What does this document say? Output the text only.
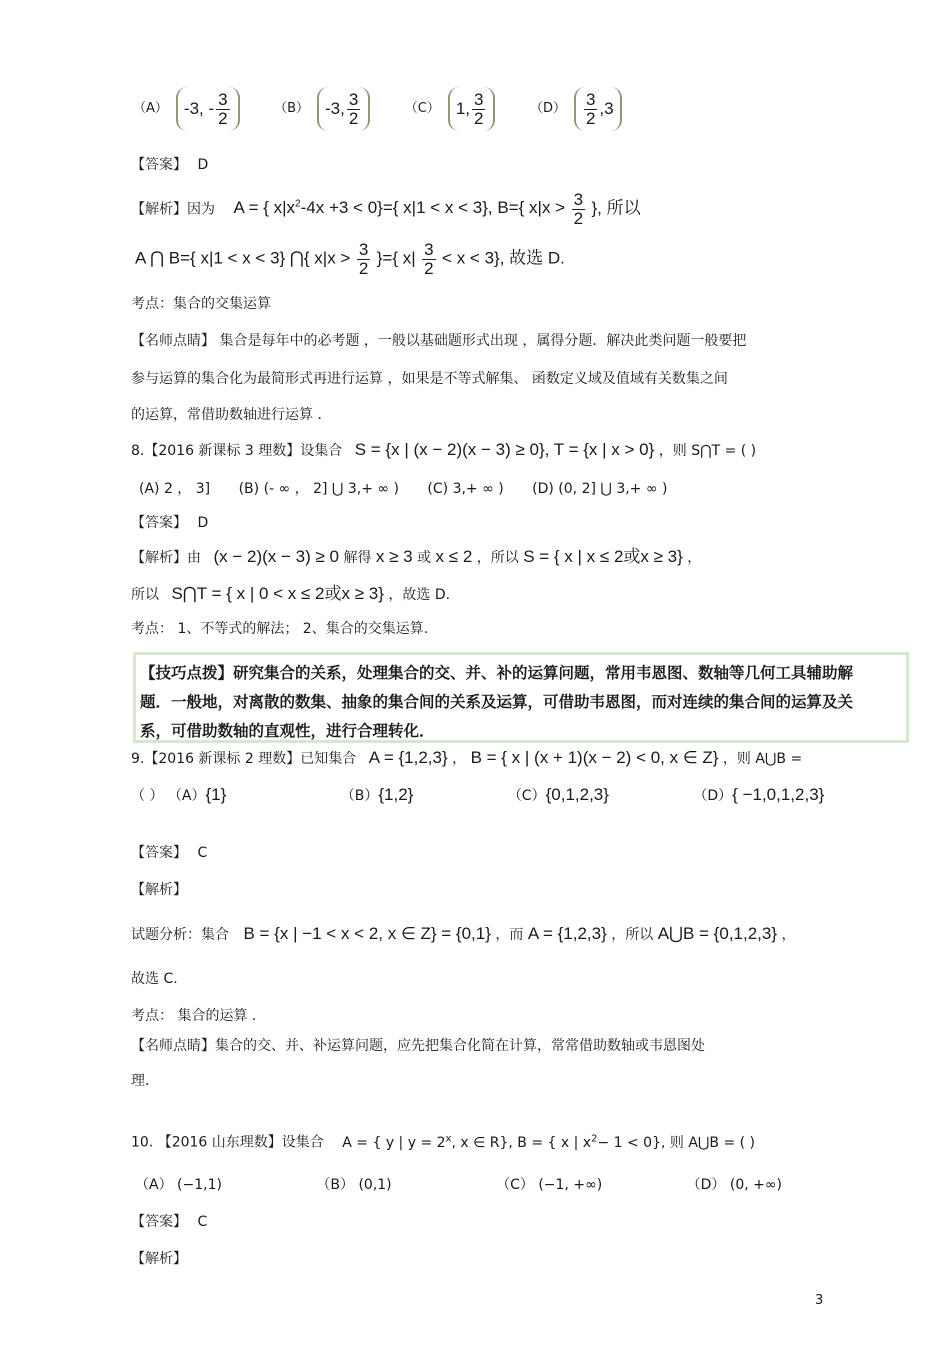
（A） -3, - $\frac{3}{2}$
	（B） -3, $\frac{3}{2}$
	（C） 1, $\frac{3}{2}$
	$(D) \frac{3}{2} ,3$
【答案】 D
【解析】因为 A = { $x|x^2-4x +3 < 0\}=${ x|1 < x < 3}, B={ $x|x > \frac{3}{2}$ }, 所以
A ⋂ B={ x|1 < x < 3} ⋂{ $x|x > \frac{3}{2}$ }={ $x| \frac{3}{2} < x < 3$}, 故选 D.
考点：集合的交集运算
【名师点睛】 集合是每年中的必考题 ，一般以基础题形式出现 ，属得分题．解决此类问题一般要把
参与运算的集合化为最简形式再进行运算 ，如果是不等式解集、 函数定义域及值域有关数集之间
的运算，常借助数轴进行运算 ．
8.【2016 新课标 3 理数】设集合 S = {x | (x − 2)(x − 3) ≥ 0}, T = {x | x > 0} ，则 S⋂T = ( )
(A) 2 ， 3] (B) (- ∞ ， 2] ⋃ 3,+ ∞ ) (C) 3,+ ∞ ) (D) (0, 2] ⋃ 3,+ ∞ )
【答案】 D
【解析】由 (x − 2)(x − 3) ≥ 0 解得 x ≥ 3 或 x ≤ 2 ，所以 S = { x | x ≤ 2或x ≥ 3} ，
所以 S⋂T = { x | 0 < x ≤ 2或x ≥ 3} ，故选 D.
考点： 1、不等式的解法； 2、集合的交集运算.
【技巧点拨】研究集合的关系，处理集合的交、并、补的运算问题，常用韦恩图、数轴等几何工具辅助解
题．一般地，对离散的数集、抽象的集合间的关系及运算，可借助韦恩图，而对连续的集合间的运算及关
系，可借助数轴的直观性，进行合理转化．
9.【2016 新课标 2 理数】已知集合 A = {1,2,3} ， B = { x | (x + 1)(x − 2) < 0, x ∈ Z} ，则 A⋃B =
（ ） （A）{1}	（B）{1,2}	（C）{0,1,2,3}	（D）{ −1,0,1,2,3}
【答案】 C
【解析】
试题分析：集合 B = {x | −1 < x < 2, x ∈ Z} = {0,1} ，而 A = {1,2,3} ，所以 A⋃B = {0,1,2,3} ，
故选 C.
考点： 集合的运算 ．
【名师点睛】集合的交、并、补运算问题，应先把集合化简在计算，常常借助数轴或韦恩图处
理．
10. 【2016 山东理数】设集合 A = { y | $y = 2^x$, x ∈ R}, B = { x | $x^2- 1 < 0$}, 则 A⋃B = ( )
（A） (−1,1)	（B） (0,1)	（C） (−1, +∞)	（D） (0, +∞)
【答案】 C
【解析】
3
